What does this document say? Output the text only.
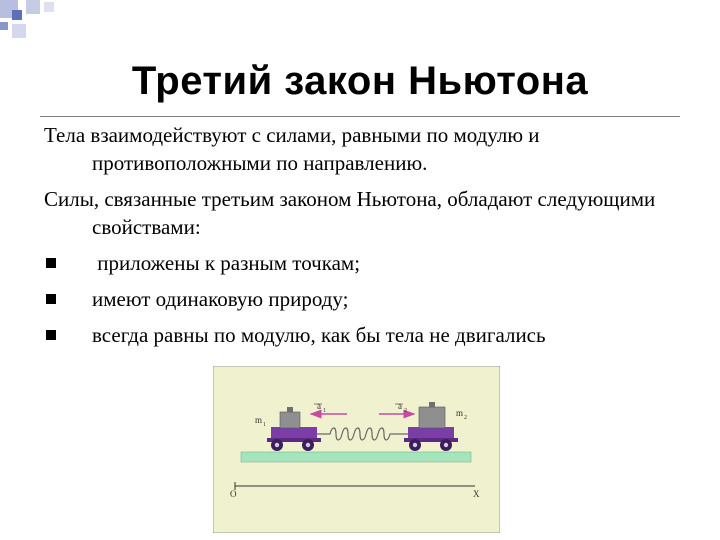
Третий закон Ньютона

Тела взаимодействуют с силами, равными по модулю и противоположными по направлению.

Силы, связанные третьим законом Ньютона, обладают следующими свойствами:

приложены к разным точкам;
имеют одинаковую природу;
всегда равны по модулю, как бы тела не двигались
m 1
m 2
a 1	a 2
O	X
